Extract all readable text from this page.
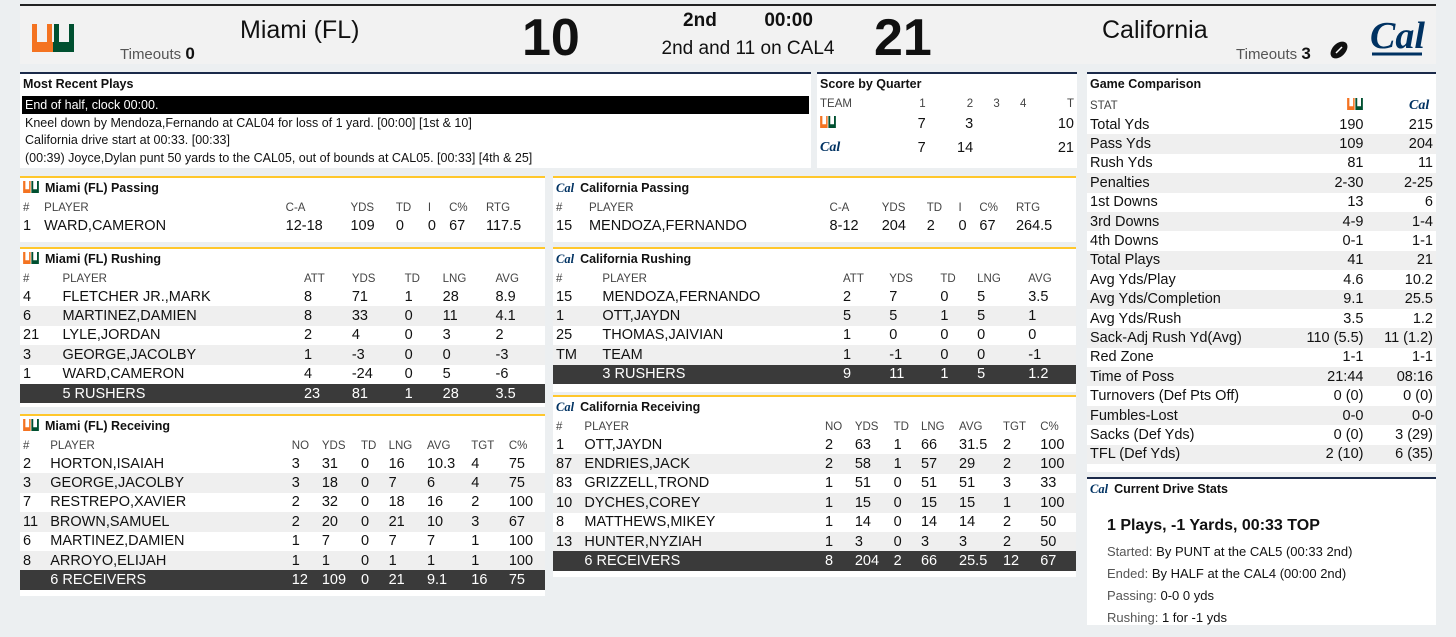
Miami (FL)
Timeouts 0	10	2nd	00:00
2nd and 11 on CAL4 21	California
Timeouts 3 Cal
Most Recent Plays
End of half, clock 00:00.
Kneel down by Mendoza,Fernando at CAL04 for loss of 1 yard. [00:00] [1st & 10]
California drive start at 00:33. [00:33]
(00:39) Joyce,Dylan punt 50 yards to the CAL05, out of bounds at CAL05. [00:33] [4th & 25]
Score by Quarter
TEAM	1	2	3	4	T
	7	3			10

Cal	7	14			21
Miami (FL) Passing
#	PLAYER	C-A	YDS	TD	I	C%	RTG
1	WARD,CAMERON	12-18	109	0	0	67	117.5
Cal California Passing
#	PLAYER	C-A	YDS	TD	I	C%	RTG
15	MENDOZA,FERNANDO	8-12	204	2	0	67	264.5
Miami (FL) Rushing
#	PLAYER	ATT	YDS	TD	LNG	AVG
4	FLETCHER JR.,MARK	8	71	1	28	8.9
6	MARTINEZ,DAMIEN	8	33	0	11	4.1
21	LYLE,JORDAN	2	4	0	3	2
3	GEORGE,JACOLBY	1	-3	0	0	-3
1	WARD,CAMERON	4	-24	0	5	-6
	5 RUSHERS	23	81	1	28	3.5
Cal California Rushing
#	PLAYER	ATT	YDS	TD	LNG	AVG
15	MENDOZA,FERNANDO	2	7	0	5	3.5
1	OTT,JAYDN	5	5	1	5	1
25	THOMAS,JAIVIAN	1	0	0	0	0
TM	TEAM	1	-1	0	0	-1
	3 RUSHERS	9	11	1	5	1.2
Miami (FL) Receiving
#	PLAYER	NO	YDS	TD	LNG	AVG	TGT	C%
2	HORTON,ISAIAH	3	31	0	16	10.3	4	75
3	GEORGE,JACOLBY	3	18	0	7	6	4	75
7	RESTREPO,XAVIER	2	32	0	18	16	2	100
11	BROWN,SAMUEL	2	20	0	21	10	3	67
6	MARTINEZ,DAMIEN	1	7	0	7	7	1	100
8	ARROYO,ELIJAH	1	1	0	1	1	1	100
	6 RECEIVERS	12	109	0	21	9.1	16	75
Cal California Receiving
#	PLAYER	NO	YDS	TD	LNG	AVG	TGT	C%
1	OTT,JAYDN	2	63	1	66	31.5	2	100
87	ENDRIES,JACK	2	58	1	57	29	2	100
83	GRIZZELL,TROND	1	51	0	51	51	3	33
10	DYCHES,COREY	1	15	0	15	15	1	100
8	MATTHEWS,MIKEY	1	14	0	14	14	2	50
13	HUNTER,NYZIAH	1	3	0	3	3	2	50
	6 RECEIVERS	8	204	2	66	25.5	12	67
Game Comparison
STAT		Cal

Total Yds	190	215
Pass Yds	109	204
Rush Yds	81	11
Penalties	2-30	2-25
1st Downs	13	6
3rd Downs	4-9	1-4
4th Downs	0-1	1-1
Total Plays	41	21
Avg Yds/Play	4.6	10.2
Avg Yds/Completion	9.1	25.5
Avg Yds/Rush	3.5	1.2
Sack-Adj Rush Yd(Avg)	110 (5.5)	11 (1.2)
Red Zone	1-1	1-1
Time of Poss	21:44	08:16
Turnovers (Def Pts Off)	0 (0)	0 (0)
Fumbles-Lost	0-0	0-0
Sacks (Def Yds)	0 (0)	3 (29)
TFL (Def Yds)	2 (10)	6 (35)
Cal Current Drive Stats
1 Plays, -1 Yards, 00:33 TOP
Started: By PUNT at the CAL5 (00:33 2nd)
Ended: By HALF at the CAL4 (00:00 2nd)
Passing: 0-0 0 yds
Rushing: 1 for -1 yds
